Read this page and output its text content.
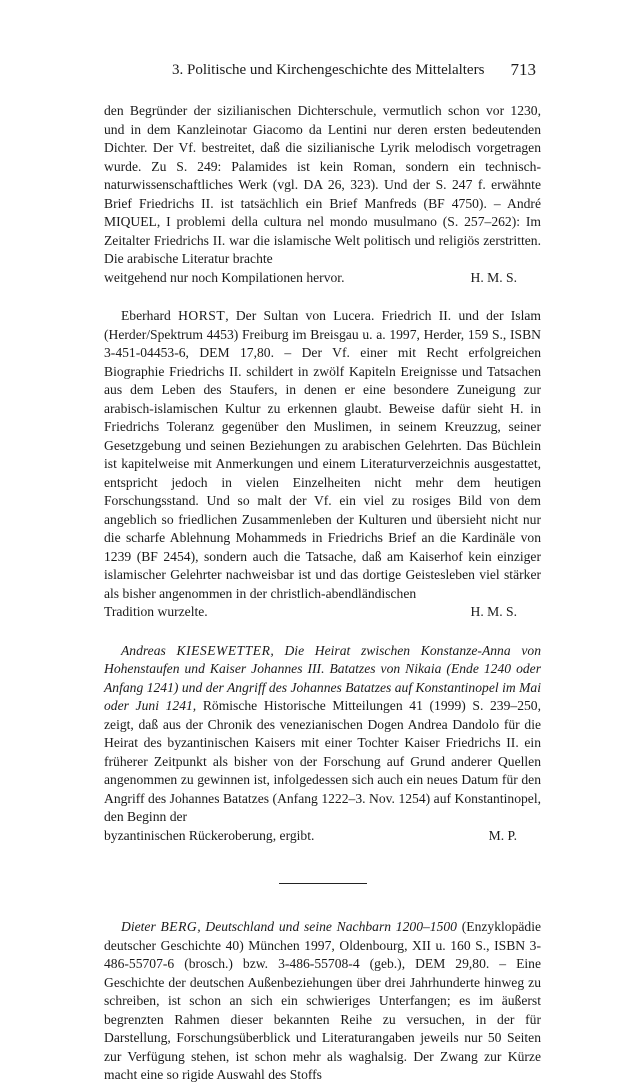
3. Politische und Kirchengeschichte des Mittelalters 713

den Begründer der sizilianischen Dichterschule, vermutlich schon vor 1230, und in dem Kanzleinotar Giacomo da Lentini nur deren ersten bedeutenden Dichter. Der Vf. bestreitet, daß die sizilianische Lyrik melodisch vorgetragen wurde. Zu S. 249: Palamides ist kein Roman, sondern ein technisch-naturwissenschaftliches Werk (vgl. DA 26, 323). Und der S. 247 f. erwähnte Brief Friedrichs II. ist tatsächlich ein Brief Manfreds (BF 4750). – André MIQUEL, I problemi della cultura nel mondo musulmano (S. 257–262): Im Zeitalter Friedrichs II. war die islamische Welt politisch und religiös zerstritten. Die arabische Literatur brachte

weitgehend nur noch Kompilationen hervor.	H. M. S.

Eberhard HORST, Der Sultan von Lucera. Friedrich II. und der Islam (Herder/Spektrum 4453) Freiburg im Breisgau u. a. 1997, Herder, 159 S., ISBN 3-451-04453-6, DEM 17,80. – Der Vf. einer mit Recht erfolgreichen Biographie Friedrichs II. schildert in zwölf Kapiteln Ereignisse und Tatsachen aus dem Leben des Staufers, in denen er eine besondere Zuneigung zur arabisch-islamischen Kultur zu erkennen glaubt. Beweise dafür sieht H. in Friedrichs Toleranz gegenüber den Muslimen, in seinem Kreuzzug, seiner Gesetzgebung und seinen Beziehungen zu arabischen Gelehrten. Das Büchlein ist kapitelweise mit Anmerkungen und einem Literaturverzeichnis ausgestattet, entspricht jedoch in vielen Einzelheiten nicht mehr dem heutigen Forschungsstand. Und so malt der Vf. ein viel zu rosiges Bild von dem angeblich so friedlichen Zusammenleben der Kulturen und übersieht nicht nur die scharfe Ablehnung Mohammeds in Friedrichs Brief an die Kardinäle von 1239 (BF 2454), sondern auch die Tatsache, daß am Kaiserhof kein einziger islamischer Gelehrter nachweisbar ist und das dortige Geistesleben viel stärker als bisher angenommen in der christlich-abendländischen

Tradition wurzelte.	H. M. S.

Andreas KIESEWETTER, Die Heirat zwischen Konstanze-Anna von Hohenstaufen und Kaiser Johannes III. Batatzes von Nikaia (Ende 1240 oder Anfang 1241) und der Angriff des Johannes Batatzes auf Konstantinopel im Mai oder Juni 1241, Römische Historische Mitteilungen 41 (1999) S. 239–250, zeigt, daß aus der Chronik des venezianischen Dogen Andrea Dandolo für die Heirat des byzantinischen Kaisers mit einer Tochter Kaiser Friedrichs II. ein früherer Zeitpunkt als bisher von der Forschung auf Grund anderer Quellen angenommen zu gewinnen ist, infolgedessen sich auch ein neues Datum für den Angriff des Johannes Batatzes (Anfang 1222–3. Nov. 1254) auf Konstantinopel, den Beginn der

byzantinischen Rückeroberung, ergibt.	M. P.

Dieter BERG, Deutschland und seine Nachbarn 1200–1500 (Enzyklopädie deutscher Geschichte 40) München 1997, Oldenbourg, XII u. 160 S., ISBN 3-486-55707-6 (brosch.) bzw. 3-486-55708-4 (geb.), DEM 29,80. – Eine Geschichte der deutschen Außenbeziehungen über drei Jahrhunderte hinweg zu schreiben, ist schon an sich ein schwieriges Unterfangen; es im äußerst begrenzten Rahmen dieser bekannten Reihe zu versuchen, in der für Darstellung, Forschungsüberblick und Literaturangaben jeweils nur 50 Seiten zur Verfügung stehen, ist schon mehr als waghalsig. Der Zwang zur Kürze macht eine so rigide Auswahl des Stoffs
